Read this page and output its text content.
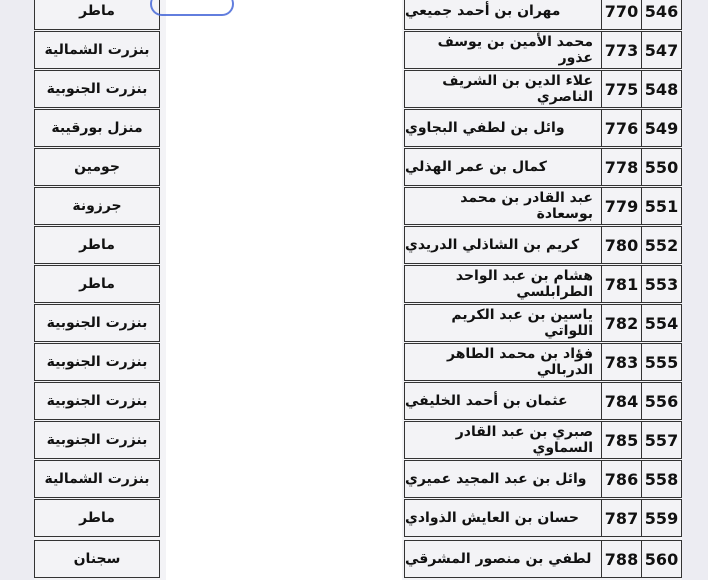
ماطر	مهران بن أحمد جميعي	770 546
بنزرت الشمالية	محمد الأمين بن يوسف عذور 773 547
بنزرت الجنوبية	علاء الدين بن الشريف الناصري 775 548
منزل بورقيبة	وائل بن لطفي البجاوي	776 549
جومين	كمال بن عمر الهذلي	778 550
جرزونة	عبد القادر بن محمد بوسعادة 779 551
ماطر	كريم بن الشاذلي الدريدي 780 552
ماطر	هشام بن عبد الواحد الطرابلسي 781 553
بنزرت الجنوبية	ياسين بن عبد الكريم اللواتي 782 554
بنزرت الجنوبية	فؤاد بن محمد الطاهر الدربالي 783 555
بنزرت الجنوبية	عثمان بن أحمد الخليفي 784 556
بنزرت الجنوبية	صبري بن عبد القادر السماوي 785 557
بنزرت الشمالية	وائل بن عبد المجيد عميري 786 558
ماطر	حسان بن العايش الذوادي 787 559
سجنان	لطفي بن منصور المشرقي 788 560
